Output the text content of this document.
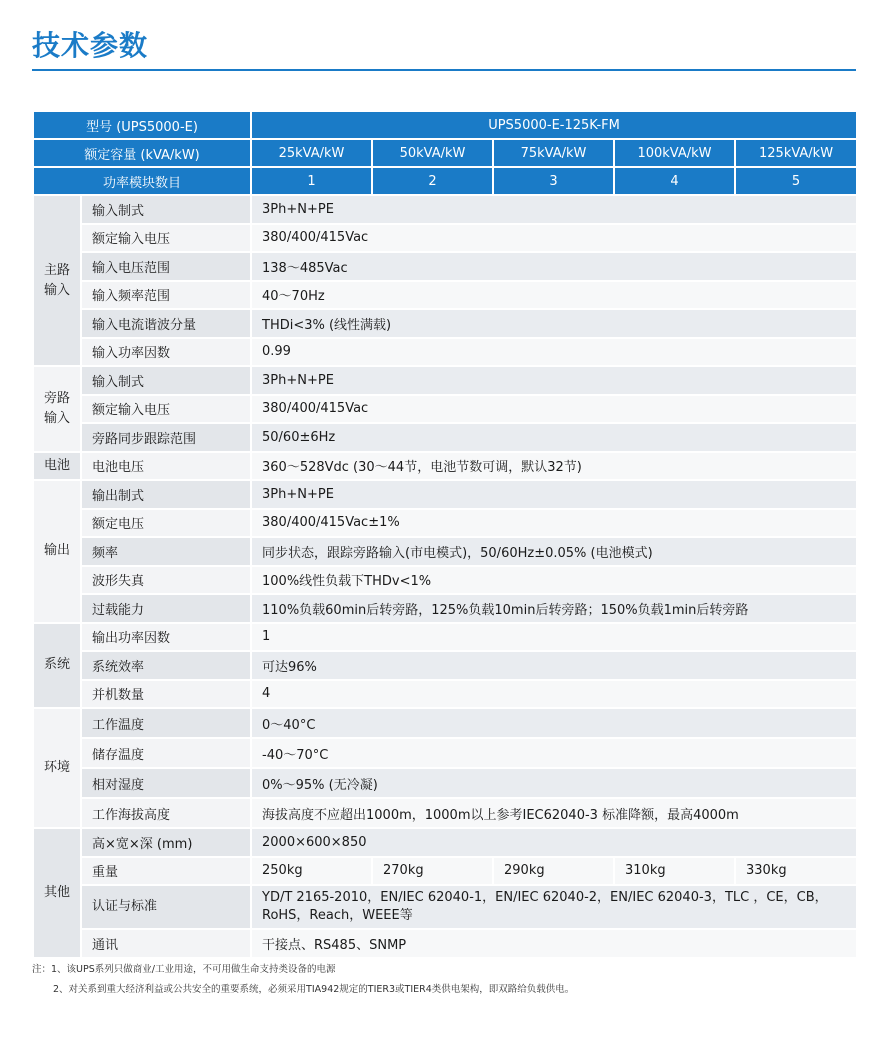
技术参数
型号 (UPS5000-E)		UPS5000-E-125K-FM				
额定容量 (kVA/kW)		25kVA/kW	50kVA/kW	75kVA/kW	100kVA/kW	125kVA/kW
功率模块数目		1	2	3	4	5

主路
输入	输入制式	3Ph+N+PE				
	额定输入电压	380/400/415Vac				
	输入电压范围	138～485Vac				
	输入频率范围	40～70Hz				
	输入电流谐波分量	THDi<3% (线性满载)				
	输入功率因数	0.99				

旁路
输入	输入制式	3Ph+N+PE				
	额定输入电压	380/400/415Vac				
	旁路同步跟踪范围	50/60±6Hz				
电池	电池电压	360～528Vdc (30～44节，电池节数可调，默认32节)				
输出	输出制式	3Ph+N+PE				
	额定电压	380/400/415Vac±1%				
	频率	同步状态，跟踪旁路输入(市电模式)，50/60Hz±0.05% (电池模式)				
	波形失真	100%线性负载下THDv<1%				
	过载能力	110%负载60min后转旁路，125%负载10min后转旁路；150%负载1min后转旁路				
系统	输出功率因数	1				
	系统效率	可达96%				
	并机数量	4				
环境	工作温度	0～40°C				
	储存温度	-40～70°C				
	相对湿度	0%～95% (无冷凝)				
	工作海拔高度	海拔高度不应超出1000m，1000m以上参考IEC62040-3 标准降额，最高4000m				
其他	高×宽×深 (mm)	2000×600×850				
	重量	250kg	270kg	290kg	310kg	330kg
	认证与标准	YD/T 2165-2010，EN/IEC 62040-1，EN/IEC 62040-2，EN/IEC 62040-3，TLC ，CE，CB，RoHS，Reach，WEEE等				
	通讯	干接点、RS485、SNMP				
注：1、该UPS系列只做商业/工业用途，不可用做生命支持类设备的电源
2、对关系到重大经济利益或公共安全的重要系统，必须采用TIA942规定的TIER3或TIER4类供电架构，即双路给负载供电。
